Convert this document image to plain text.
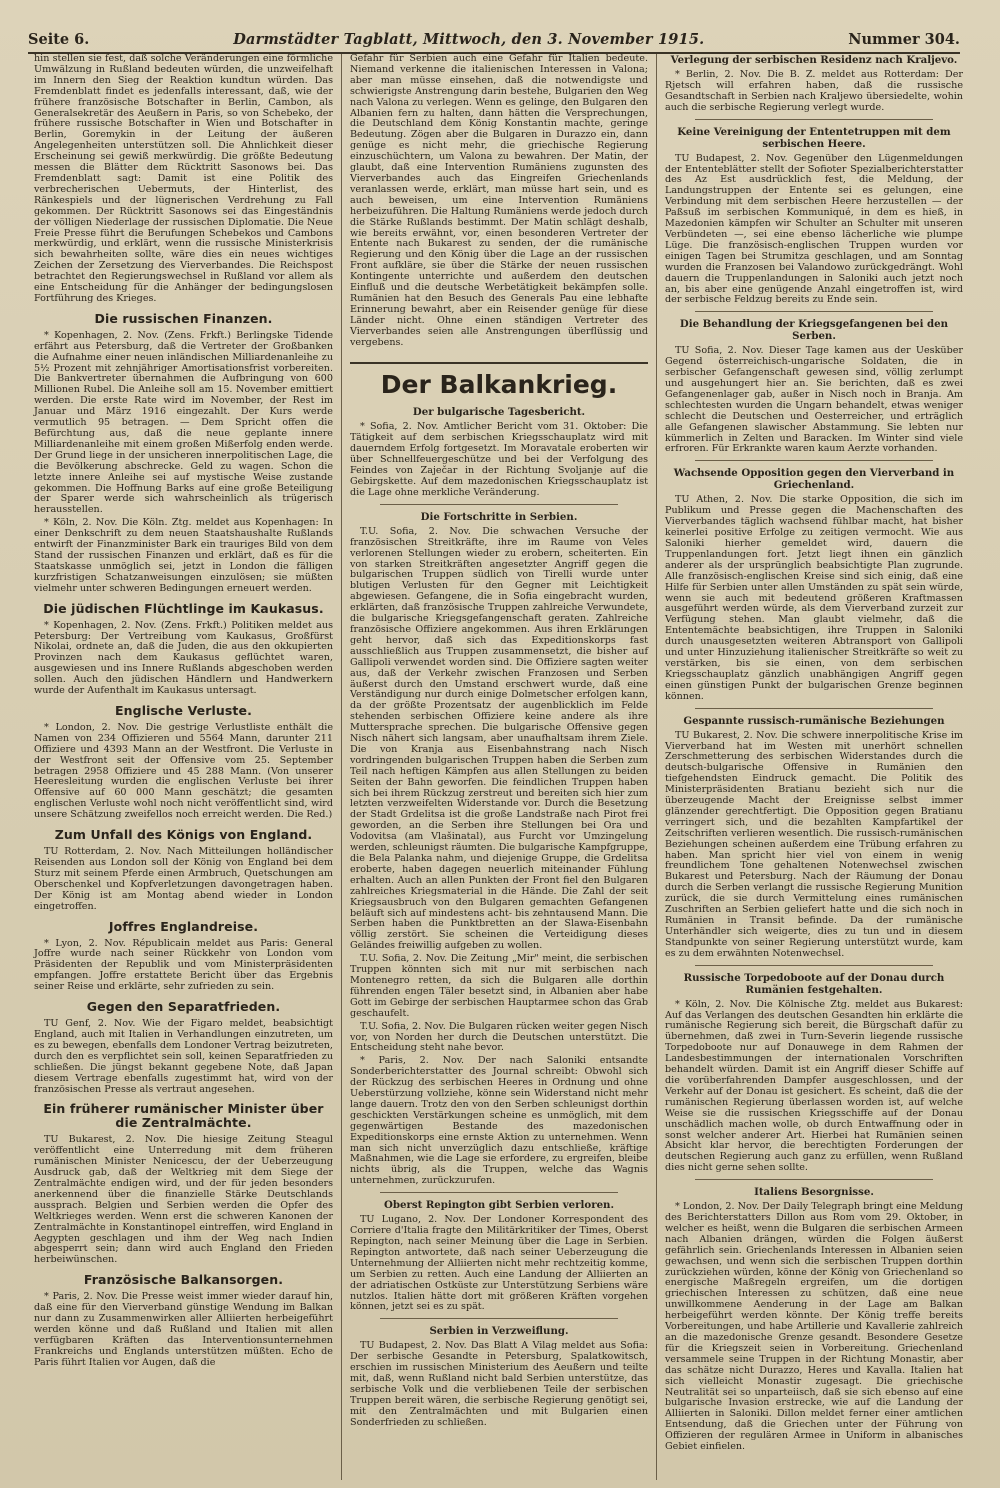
Seite 6.	Darmstädter Tagblatt, Mittwoch, den 3. November 1915.	Nummer 304.

hin stellen sie fest, daß solche Veränderungen eine förmliche Umwälzung in Rußland bedeuten würden, die unzweifelhaft im Innern den Sieg der Reaktion kundtun würden. Das Fremdenblatt findet es jedenfalls interessant, daß, wie der frühere französische Botschafter in Berlin, Cambon, als Generalsekretär des Aeußern in Paris, so von Schebeko, der frühere russische Botschafter in Wien und Botschafter in Berlin, Goremykin in der Leitung der äußeren Angelegenheiten unterstützen soll. Die Ahnlichkeit dieser Erscheinung sei gewiß merkwürdig. Die größte Bedeutung messen die Blätter dem Rücktritt Sasonows bei. Das Fremdenblatt sagt: Damit ist eine Politik des verbrecherischen Uebermuts, der Hinterlist, des Ränkespiels und der lügnerischen Verdrehung zu Fall gekommen. Der Rücktritt Sasonows sei das Eingeständnis der völligen Niederlage der russischen Diplomatie. Die Neue Freie Presse führt die Berufungen Schebekos und Cambons merkwürdig, und erklärt, wenn die russische Ministerkrisis sich bewahrheiten sollte, wäre dies ein neues wichtiges Zeichen der Zersetzung des Vierverbandes. Die Reichspost betrachtet den Regierungswechsel in Rußland vor allem als eine Entscheidung für die Anhänger der bedingungslosen Fortführung des Krieges.

Die russischen Finanzen.

* Kopenhagen, 2. Nov. (Zens. Frkft.) Berlingske Tidende erfährt aus Petersburg, daß die Vertreter der Großbanken die Aufnahme einer neuen inländischen Milliardenanleihe zu 5½ Prozent mit zehnjähriger Amortisationsfrist vorbereiten. Die Bankvertreter übernahmen die Aufbringung von 600 Millionen Rubel. Die Anleihe soll am 15. November emittiert werden. Die erste Rate wird im November, der Rest im Januar und März 1916 eingezahlt. Der Kurs werde vermutlich 95 betragen. — Dem Spricht offen die Befürchtung aus, daß die neue geplante innere Milliardenanleihe mit einem großen Mißerfolg enden werde. Der Grund liege in der unsicheren innerpolitischen Lage, die die Bevölkerung abschrecke. Geld zu wagen. Schon die letzte innere Anleihe sei auf mystische Weise zustande gekommen. Die Hoffnung Barks auf eine große Beteiligung der Sparer werde sich wahrscheinlich als trügerisch herausstellen.

* Köln, 2. Nov. Die Köln. Ztg. meldet aus Kopenhagen: In einer Denkschrift zu dem neuen Staatshaushalte Rußlands entwirft der Finanzminister Bark ein trauriges Bild von dem Stand der russischen Finanzen und erklärt, daß es für die Staatskasse unmöglich sei, jetzt in London die fälligen kurzfristigen Schatzanweisungen einzulösen; sie müßten vielmehr unter schweren Bedingungen erneuert werden.

Die jüdischen Flüchtlinge im Kaukasus.

* Kopenhagen, 2. Nov. (Zens. Frkft.) Politiken meldet aus Petersburg: Der Vertreibung vom Kaukasus, Großfürst Nikolai, ordnete an, daß die Juden, die aus den okkupierten Provinzen nach dem Kaukasus geflüchtet waren, ausgewiesen und ins Innere Rußlands abgeschoben werden sollen. Auch den jüdischen Händlern und Handwerkern wurde der Aufenthalt im Kaukasus untersagt.

Englische Verluste.

* London, 2. Nov. Die gestrige Verlustliste enthält die Namen von 234 Offizieren und 5564 Mann, darunter 211 Offiziere und 4393 Mann an der Westfront. Die Verluste in der Westfront seit der Offensive vom 25. September betragen 2958 Offiziere und 45 288 Mann. (Von unserer Heeresleitung wurden die englischen Verluste bei ihrer Offensive auf 60 000 Mann geschätzt; die gesamten englischen Verluste wohl noch nicht veröffentlicht sind, wird unsere Schätzung zweifellos noch erreicht werden. Die Red.)

Zum Unfall des Königs von England.

TU Rotterdam, 2. Nov. Nach Mitteilungen holländischer Reisenden aus London soll der König von England bei dem Sturz mit seinem Pferde einen Armbruch, Quetschungen am Oberschenkel und Kopfverletzungen davongetragen haben. Der König ist am Montag abend wieder in London eingetroffen.

Joffres Englandreise.

* Lyon, 2. Nov. Républicain meldet aus Paris: General Joffre wurde nach seiner Rückkehr von London vom Präsidenten der Republik und vom Ministerpräsidenten empfangen. Joffre erstattete Bericht über das Ergebnis seiner Reise und erklärte, sehr zufrieden zu sein.

Gegen den Separatfrieden.

TU Genf, 2. Nov. Wie der Figaro meldet, beabsichtigt England, auch mit Italien in Verhandlungen einzutreten, um es zu bewegen, ebenfalls dem Londoner Vertrag beizutreten, durch den es verpflichtet sein soll, keinen Separatfrieden zu schließen. Die jüngst bekannt gegebene Note, daß Japan diesem Vertrage ebenfalls zugestimmt hat, wird von der französischen Presse als vertraut angesehen.

Ein früherer rumänischer Minister über die Zentralmächte.

TU Bukarest, 2. Nov. Die hiesige Zeitung Steagul veröffentlicht eine Unterredung mit dem früheren rumänischen Minister Nenicescu, der der Ueberzeugung Ausdruck gab, daß der Weltkrieg mit dem Siege der Zentralmächte endigen wird, und der für jeden besonders anerkennend über die finanzielle Stärke Deutschlands aussprach. Belgien und Serbien werden die Opfer des Weltkrieges werden. Wenn erst die schweren Kanonen der Zentralmächte in Konstantinopel eintreffen, wird England in Aegypten geschlagen und ihm der Weg nach Indien abgesperrt sein; dann wird auch England den Frieden herbeiwünschen.

Französische Balkansorgen.

* Paris, 2. Nov. Die Presse weist immer wieder darauf hin, daß eine für den Vierverband günstige Wendung im Balkan nur dann zu Zusammenwirken aller Alliierten herbeigeführt werden könne und daß Rußland und Italien mit allen verfügbaren Kräften das Interventionsunternehmen Frankreichs und Englands unterstützen müßten. Echo de Paris führt Italien vor Augen, daß die

Gefahr für Serbien auch eine Gefahr für Italien bedeute. Niemand verkenne die italienischen Interessen in Valona; aber man müsse einsehen, daß die notwendigste und schwierigste Anstrengung darin bestehe, Bulgarien den Weg nach Valona zu verlegen. Wenn es gelinge, den Bulgaren den Albanien fern zu halten, dann hätten die Versprechungen, die Deutschland dem König Konstantin machte, geringe Bedeutung. Zögen aber die Bulgaren in Durazzo ein, dann genüge es nicht mehr, die griechische Regierung einzuschüchtern, um Valona zu bewahren. Der Matin, der glaubt, daß eine Intervention Rumäniens zugunsten des Vierverbandes auch das Eingreifen Griechenlands veranlassen werde, erklärt, man müsse hart sein, und es auch beweisen, um eine Intervention Rumäniens herbeizuführen. Die Haltung Rumäniens werde jedoch durch die Stärke Rußlands bestimmt. Der Matin schlägt deshalb, wie bereits erwähnt, vor, einen besonderen Vertreter der Entente nach Bukarest zu senden, der die rumänische Regierung und den König über die Lage an der russischen Front aufkläre, sie über die Stärke der neuen russischen Kontingente unterrichte und außerdem den deutschen Einfluß und die deutsche Werbetätigkeit bekämpfen solle. Rumänien hat den Besuch des Generals Pau eine lebhafte Erinnerung bewahrt, aber ein Reisender genüge für diese Länder nicht. Ohne einen ständigen Vertreter des Vierverbandes seien alle Anstrengungen überflüssig und vergebens.

Der Balkankrieg.
Der bulgarische Tagesbericht.

* Sofia, 2. Nov. Amtlicher Bericht vom 31. Oktober: Die Tätigkeit auf dem serbischen Kriegsschauplatz wird mit dauerndem Erfolg fortgesetzt. Im Moravatale eroberten wir über Schnellfeuergeschütze und bei der Verfolgung des Feindes von Zaječar in der Richtung Svoljanje auf die Gebirgskette. Auf dem mazedonischen Kriegsschauplatz ist die Lage ohne merkliche Veränderung.

Die Fortschritte in Serbien.

T.U. Sofia, 2. Nov. Die schwachen Versuche der französischen Streitkräfte, ihre im Raume von Veles verlorenen Stellungen wieder zu erobern, scheiterten. Ein von starken Streitkräften angesetzter Angriff gegen die bulgarischen Truppen südlich von Tirelli wurde unter blutigen Verlusten für den Gegner mit Leichtigkeit abgewiesen. Gefangene, die in Sofia eingebracht wurden, erklärten, daß französische Truppen zahlreiche Verwundete, die bulgarische Kriegsgefangenschaft geraten. Zahlreiche französische Offiziere angekommen. Aus ihren Erklärungen geht hervor, daß sich das Expeditionskorps fast ausschließlich aus Truppen zusammensetzt, die bisher auf Gallipoli verwendet worden sind. Die Offiziere sagten weiter aus, daß der Verkehr zwischen Franzosen und Serben äußerst durch den Umstand erschwert wurde, daß eine Verständigung nur durch einige Dolmetscher erfolgen kann, da der größte Prozentsatz der augenblicklich im Felde stehenden serbischen Offiziere keine andere als ihre Muttersprache sprechen. Die bulgarische Offensive gegen Nisch nähert sich langsam, aber unaufhaltsam ihrem Ziele. Die von Kranja aus Eisenbahnstrang nach Nisch vordringenden bulgarischen Truppen haben die Serben zum Teil nach heftigen Kämpfen aus allen Stellungen zu beiden Seiten der Bahn geworfen. Die feindlichen Truppen haben sich bei ihrem Rückzug zerstreut und bereiten sich hier zum letzten verzweifelten Widerstande vor. Durch die Besetzung der Stadt Grdelitsa ist die große Landstraße nach Pirot frei geworden, an die Serben ihre Stellungen bei Ora und Vodovitsa (am Vlašinatal), aus Furcht vor Umzingelung werden, schleunigst räumten. Die bulgarische Kampfgruppe, die Bela Palanka nahm, und diejenige Gruppe, die Grdelitsa eroberte, haben dagegen neuerlich miteinander Fühlung erhalten. Auch an allen Punkten der Front fiel den Bulgaren zahlreiches Kriegsmaterial in die Hände. Die Zahl der seit Kriegsausbruch von den Bulgaren gemachten Gefangenen beläuft sich auf mindestens acht- bis zehntausend Mann. Die Serben haben die Punktbretten an der Slawa-Eisenbahn völlig zerstört. Sie scheinen die Verteidigung dieses Geländes freiwillig aufgeben zu wollen.

T.U. Sofia, 2. Nov. Die Zeitung „Mir" meint, die serbischen Truppen könnten sich mit nur mit serbischen nach Montenegro retten, da sich die Bulgaren alle dorthin führenden engen Täler besetzt sind, in Albanien aber habe Gott im Gebirge der serbischen Hauptarmee schon das Grab geschaufelt.

T.U. Sofia, 2. Nov. Die Bulgaren rücken weiter gegen Nisch vor, von Norden her durch die Deutschen unterstützt. Die Entscheidung steht nahe bevor.

* Paris, 2. Nov. Der nach Saloniki entsandte Sonderberichterstatter des Journal schreibt: Obwohl sich der Rückzug des serbischen Heeres in Ordnung und ohne Ueberstürzung vollziehe, könne sein Widerstand nicht mehr lange dauern. Trotz den von den Serben schleunigst dorthin geschickten Verstärkungen scheine es unmöglich, mit dem gegenwärtigen Bestande des mazedonischen Expeditionskorps eine ernste Aktion zu unternehmen. Wenn man sich nicht unverzüglich dazu entschließe, kräftige Maßnahmen, wie die Lage sie erfordere, zu ergreifen, bleibe nichts übrig, als die Truppen, welche das Wagnis unternehmen, zurückzurufen.

Oberst Repington gibt Serbien verloren.

TU Lugano, 2. Nov. Der Londoner Korrespondent des Corriere d'Italia fragte den Militärkritiker der Times, Oberst Repington, nach seiner Meinung über die Lage in Serbien. Repington antwortete, daß nach seiner Ueberzeugung die Unternehmung der Alliierten nicht mehr rechtzeitig komme, um Serbien zu retten. Auch eine Landung der Alliierten an der adriatischen Ostküste zur Unterstützung Serbiens wäre nutzlos. Italien hätte dort mit größeren Kräften vorgehen können, jetzt sei es zu spät.

Serbien in Verzweiflung.

TU Budapest, 2. Nov. Das Blatt A Vilag meldet aus Sofia: Der serbische Gesandte in Petersburg, Spalatkowitsch, erschien im russischen Ministerium des Aeußern und teilte mit, daß, wenn Rußland nicht bald Serbien unterstütze, das serbische Volk und die verbliebenen Teile der serbischen Truppen bereit wären, die serbische Regierung genötigt sei, mit den Zentralmächten und mit Bulgarien einen Sonderfrieden zu schließen.

Verlegung der serbischen Residenz nach Kraljevo.

* Berlin, 2. Nov. Die B. Z. meldet aus Rotterdam: Der Rjetsch will erfahren haben, daß die russische Gesandtschaft in Serbien nach Kraljewo übersiedelte, wohin auch die serbische Regierung verlegt wurde.

Keine Vereinigung der Ententetruppen mit dem serbischen Heere.

TU Budapest, 2. Nov. Gegenüber den Lügenmeldungen der Ententeblätter stellt der Sofioter Spezialberichterstatter des Az Est ausdrücklich fest, die Meldung, der Landungstruppen der Entente sei es gelungen, eine Verbindung mit dem serbischen Heere herzustellen — der Paßsuß im serbischen Kommuniqué, in dem es hieß, in Mazedonien kämpfen wir Schulter an Schulter mit unseren Verbündeten —, sei eine ebenso lächerliche wie plumpe Lüge. Die französisch-englischen Truppen wurden vor einigen Tagen bei Strumitza geschlagen, und am Sonntag wurden die Franzosen bei Valandowo zurückgedrängt. Wohl dauern die Truppenlandungen in Saloniki auch jetzt noch an, bis aber eine genügende Anzahl eingetroffen ist, wird der serbische Feldzug bereits zu Ende sein.

Die Behandlung der Kriegsgefangenen bei den Serben.

TU Sofia, 2. Nov. Dieser Tage kamen aus der Uesküber Gegend österreichisch-ungarische Soldaten, die in serbischer Gefangenschaft gewesen sind, völlig zerlumpt und ausgehungert hier an. Sie berichten, daß es zwei Gefangenenlager gab, außer in Nisch noch in Branja. Am schlechtesten wurden die Ungarn behandelt, etwas weniger schlecht die Deutschen und Oesterreicher, und erträglich alle Gefangenen slawischer Abstammung. Sie lebten nur kümmerlich in Zelten und Baracken. Im Winter sind viele erfroren. Für Erkrankte waren kaum Aerzte vorhanden.

Wachsende Opposition gegen den Vierverband in Griechenland.

TU Athen, 2. Nov. Die starke Opposition, die sich im Publikum und Presse gegen die Machenschaften des Vierverbandes täglich wachsend fühlbar macht, hat bisher keinerlei positive Erfolge zu zeitigen vermocht. Wie aus Saloniki hierher gemeldet wird, dauern die Truppenlandungen fort. Jetzt liegt ihnen ein gänzlich anderer als der ursprünglich beabsichtigte Plan zugrunde. Alle französisch-englischen Kreise sind sich einig, daß eine Hilfe für Serbien unter allen Umständen zu spät sein würde, wenn sie auch mit bedeutend größeren Kraftmassen ausgeführt werden würde, als dem Vierverband zurzeit zur Verfügung stehen. Man glaubt vielmehr, daß die Ententemächte beabsichtigen, ihre Truppen in Saloniki durch unausgesetzten weiteren Abtransport von Gallipoli und unter Hinzuziehung italienischer Streitkräfte so weit zu verstärken, bis sie einen, von dem serbischen Kriegsschauplatz gänzlich unabhängigen Angriff gegen einen günstigen Punkt der bulgarischen Grenze beginnen können.

Gespannte russisch-rumänische Beziehungen

TU Bukarest, 2. Nov. Die schwere innerpolitische Krise im Vierverband hat im Westen mit unerhört schnellen Zerschmetterung des serbischen Widerstandes durch die deutsch-bulgarische Offensive in Rumänien den tiefgehendsten Eindruck gemacht. Die Politik des Ministerpräsidenten Bratianu bezieht sich nur die überzeugende Macht der Ereignisse selbst immer glänzender gerechtfertigt. Die Opposition gegen Bratianu verringert sich, und die bezahlten Kampfartikel der Zeitschriften verlieren wesentlich. Die russisch-rumänischen Beziehungen scheinen außerdem eine Trübung erfahren zu haben. Man spricht hier viel von einem in wenig freundlichem Tone gehaltenen Notenwechsel zwischen Bukarest und Petersburg. Nach der Räumung der Donau durch die Serben verlangt die russische Regierung Munition zurück, die sie durch Vermittelung eines rumänischen Zuschriften an Serbien geliefert hatte und die sich noch in Rumänien in Transit befinde. Da der rumänische Unterhändler sich weigerte, dies zu tun und in diesem Standpunkte von seiner Regierung unterstützt wurde, kam es zu dem erwähnten Notenwechsel.

Russische Torpedoboote auf der Donau durch Rumänien festgehalten.

* Köln, 2. Nov. Die Kölnische Ztg. meldet aus Bukarest: Auf das Verlangen des deutschen Gesandten hin erklärte die rumänische Regierung sich bereit, die Bürgschaft dafür zu übernehmen, daß zwei in Turn-Severin liegende russische Torpedoboote nur auf Donauwege in dem Rahmen der Landesbestimmungen der internationalen Vorschriften behandelt würden. Damit ist ein Angriff dieser Schiffe auf die vorüberfahrenden Dampfer ausgeschlossen, und der Verkehr auf der Donau ist gesichert. Es scheint, daß die der rumänischen Regierung überlassen worden ist, auf welche Weise sie die russischen Kriegsschiffe auf der Donau unschädlich machen wolle, ob durch Entwaffnung oder in sonst welcher anderer Art. Hierbei hat Rumänien seinen Absicht klar hervor, die berechtigten Forderungen der deutschen Regierung auch ganz zu erfüllen, wenn Rußland dies nicht gerne sehen sollte.

Italiens Besorgnisse.

* London, 2. Nov. Der Daily Telegraph bringt eine Meldung des Berichterstatters Dillon aus Rom vom 29. Oktober, in welcher es heißt, wenn die Bulgaren die serbischen Armeen nach Albanien drängen, würden die Folgen äußerst gefährlich sein. Griechenlands Interessen in Albanien seien gewachsen, und wenn sich die serbischen Truppen dorthin zurückziehen würden, könne der König von Griechenland so energische Maßregeln ergreifen, um die dortigen griechischen Interessen zu schützen, daß eine neue unwillkommene Aenderung in der Lage am Balkan herbeigeführt werden könnte. Der König treffe bereits Vorbereitungen, und habe Artillerie und Kavallerie zahlreich an die mazedonische Grenze gesandt. Besondere Gesetze für die Kriegszeit seien in Vorbereitung. Griechenland versammele seine Truppen in der Richtung Monastir, aber das schätze nicht Durazzo, Heres und Kavalla. Italien hat sich vielleicht Monastir zugesagt. Die griechische Neutralität sei so unparteiisch, daß sie sich ebenso auf eine bulgarische Invasion erstrecke, wie auf die Landung der Alliierten in Saloniki. Dillon meldet ferner einer amtlichen Entsendung, daß die Griechen unter der Führung von Offizieren der regulären Armee in Uniform in albanisches Gebiet einfielen.
